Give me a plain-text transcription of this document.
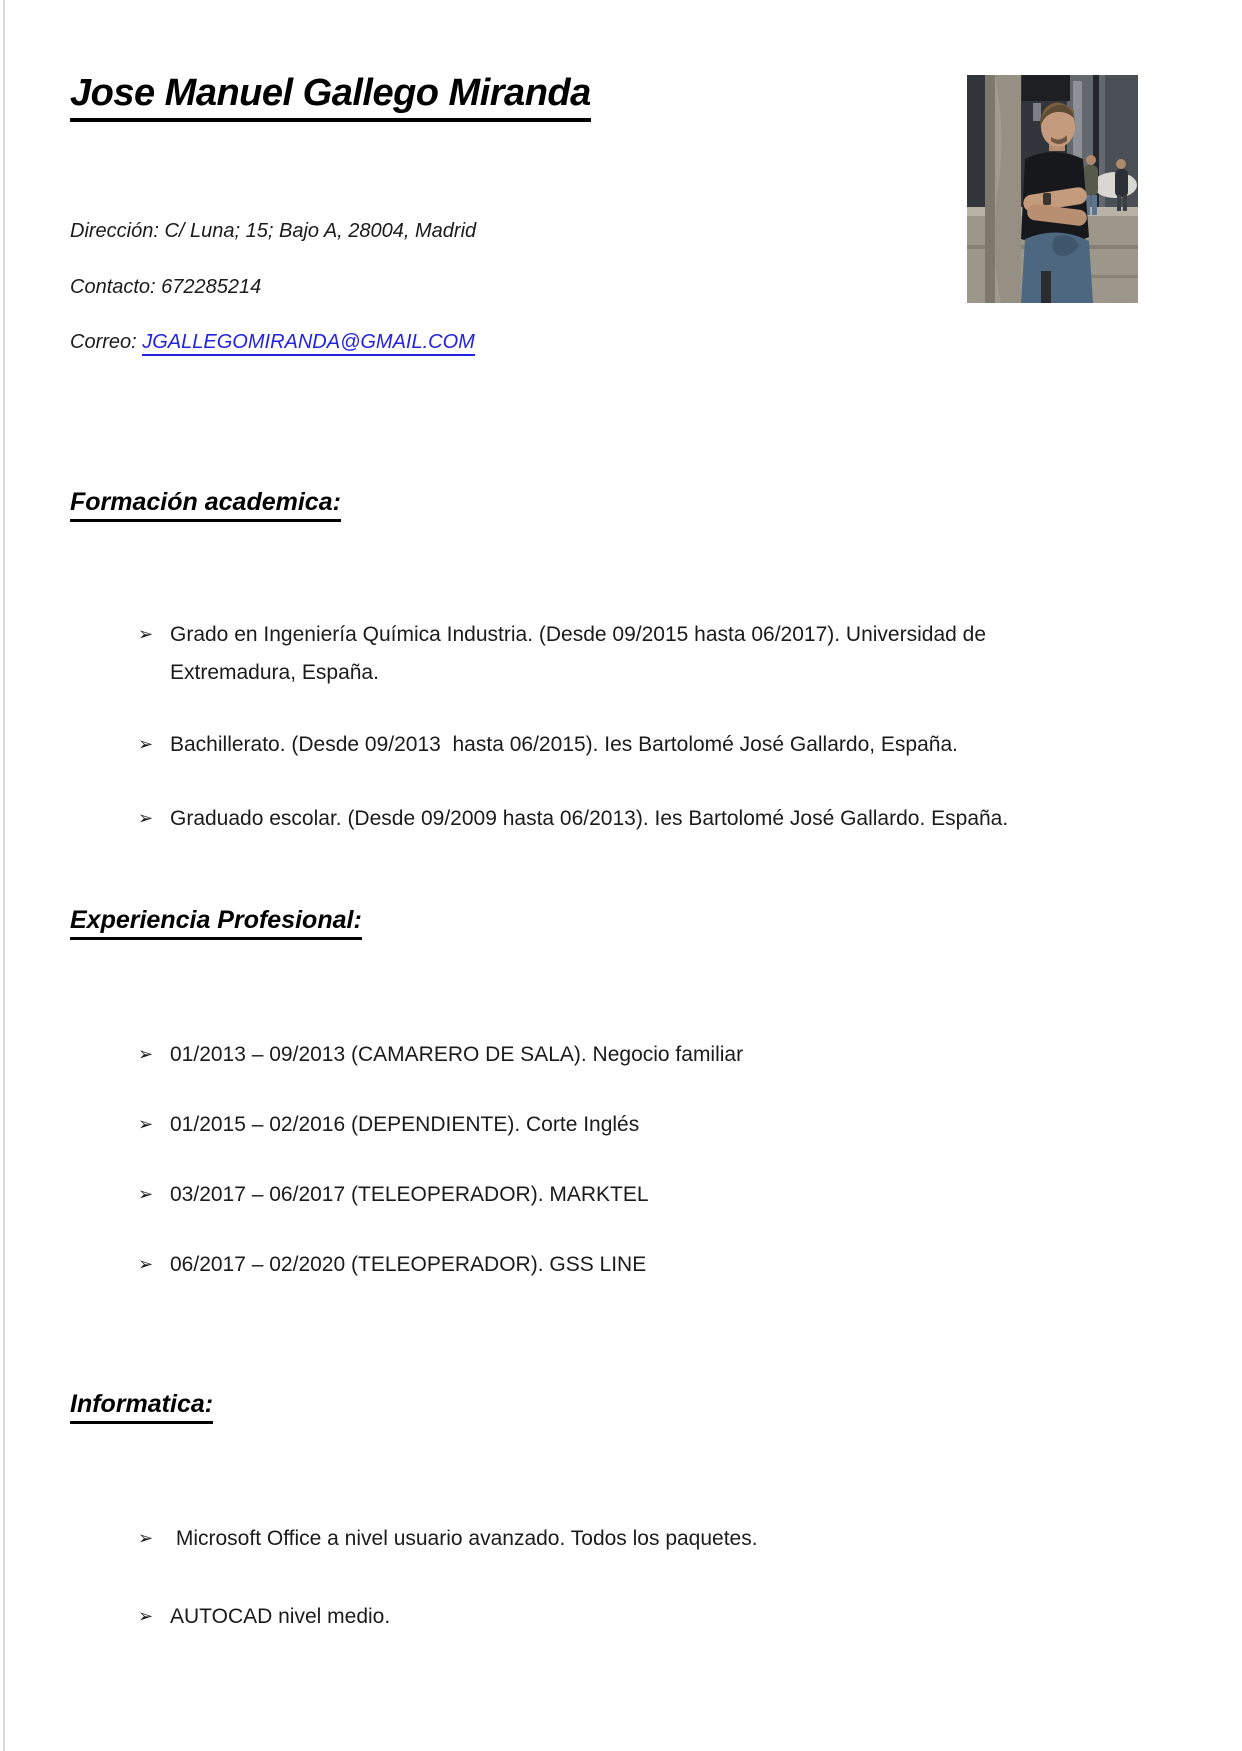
Jose Manuel Gallego Miranda
Dirección: C/ Luna; 15; Bajo A, 28004, Madrid
Contacto: 672285214
Correo: JGALLEGOMIRANDA@GMAIL.COM
Formación academica:
➢ Grado en Ingeniería Química Industria. (Desde 09/2015 hasta 06/2017). Universidad de Extremadura, España.
➢ Bachillerato. (Desde 09/2013  hasta 06/2015). Ies Bartolomé José Gallardo, España.
➢ Graduado escolar. (Desde 09/2009 hasta 06/2013). Ies Bartolomé José Gallardo. España.
Experiencia Profesional:
➢ 01/2013 – 09/2013 (CAMARERO DE SALA). Negocio familiar
➢ 01/2015 – 02/2016 (DEPENDIENTE). Corte Inglés
➢ 03/2017 – 06/2017 (TELEOPERADOR). MARKTEL
➢ 06/2017 – 02/2020 (TELEOPERADOR). GSS LINE
Informatica:
➢ Microsoft Office a nivel usuario avanzado. Todos los paquetes.
➢ AUTOCAD nivel medio.
